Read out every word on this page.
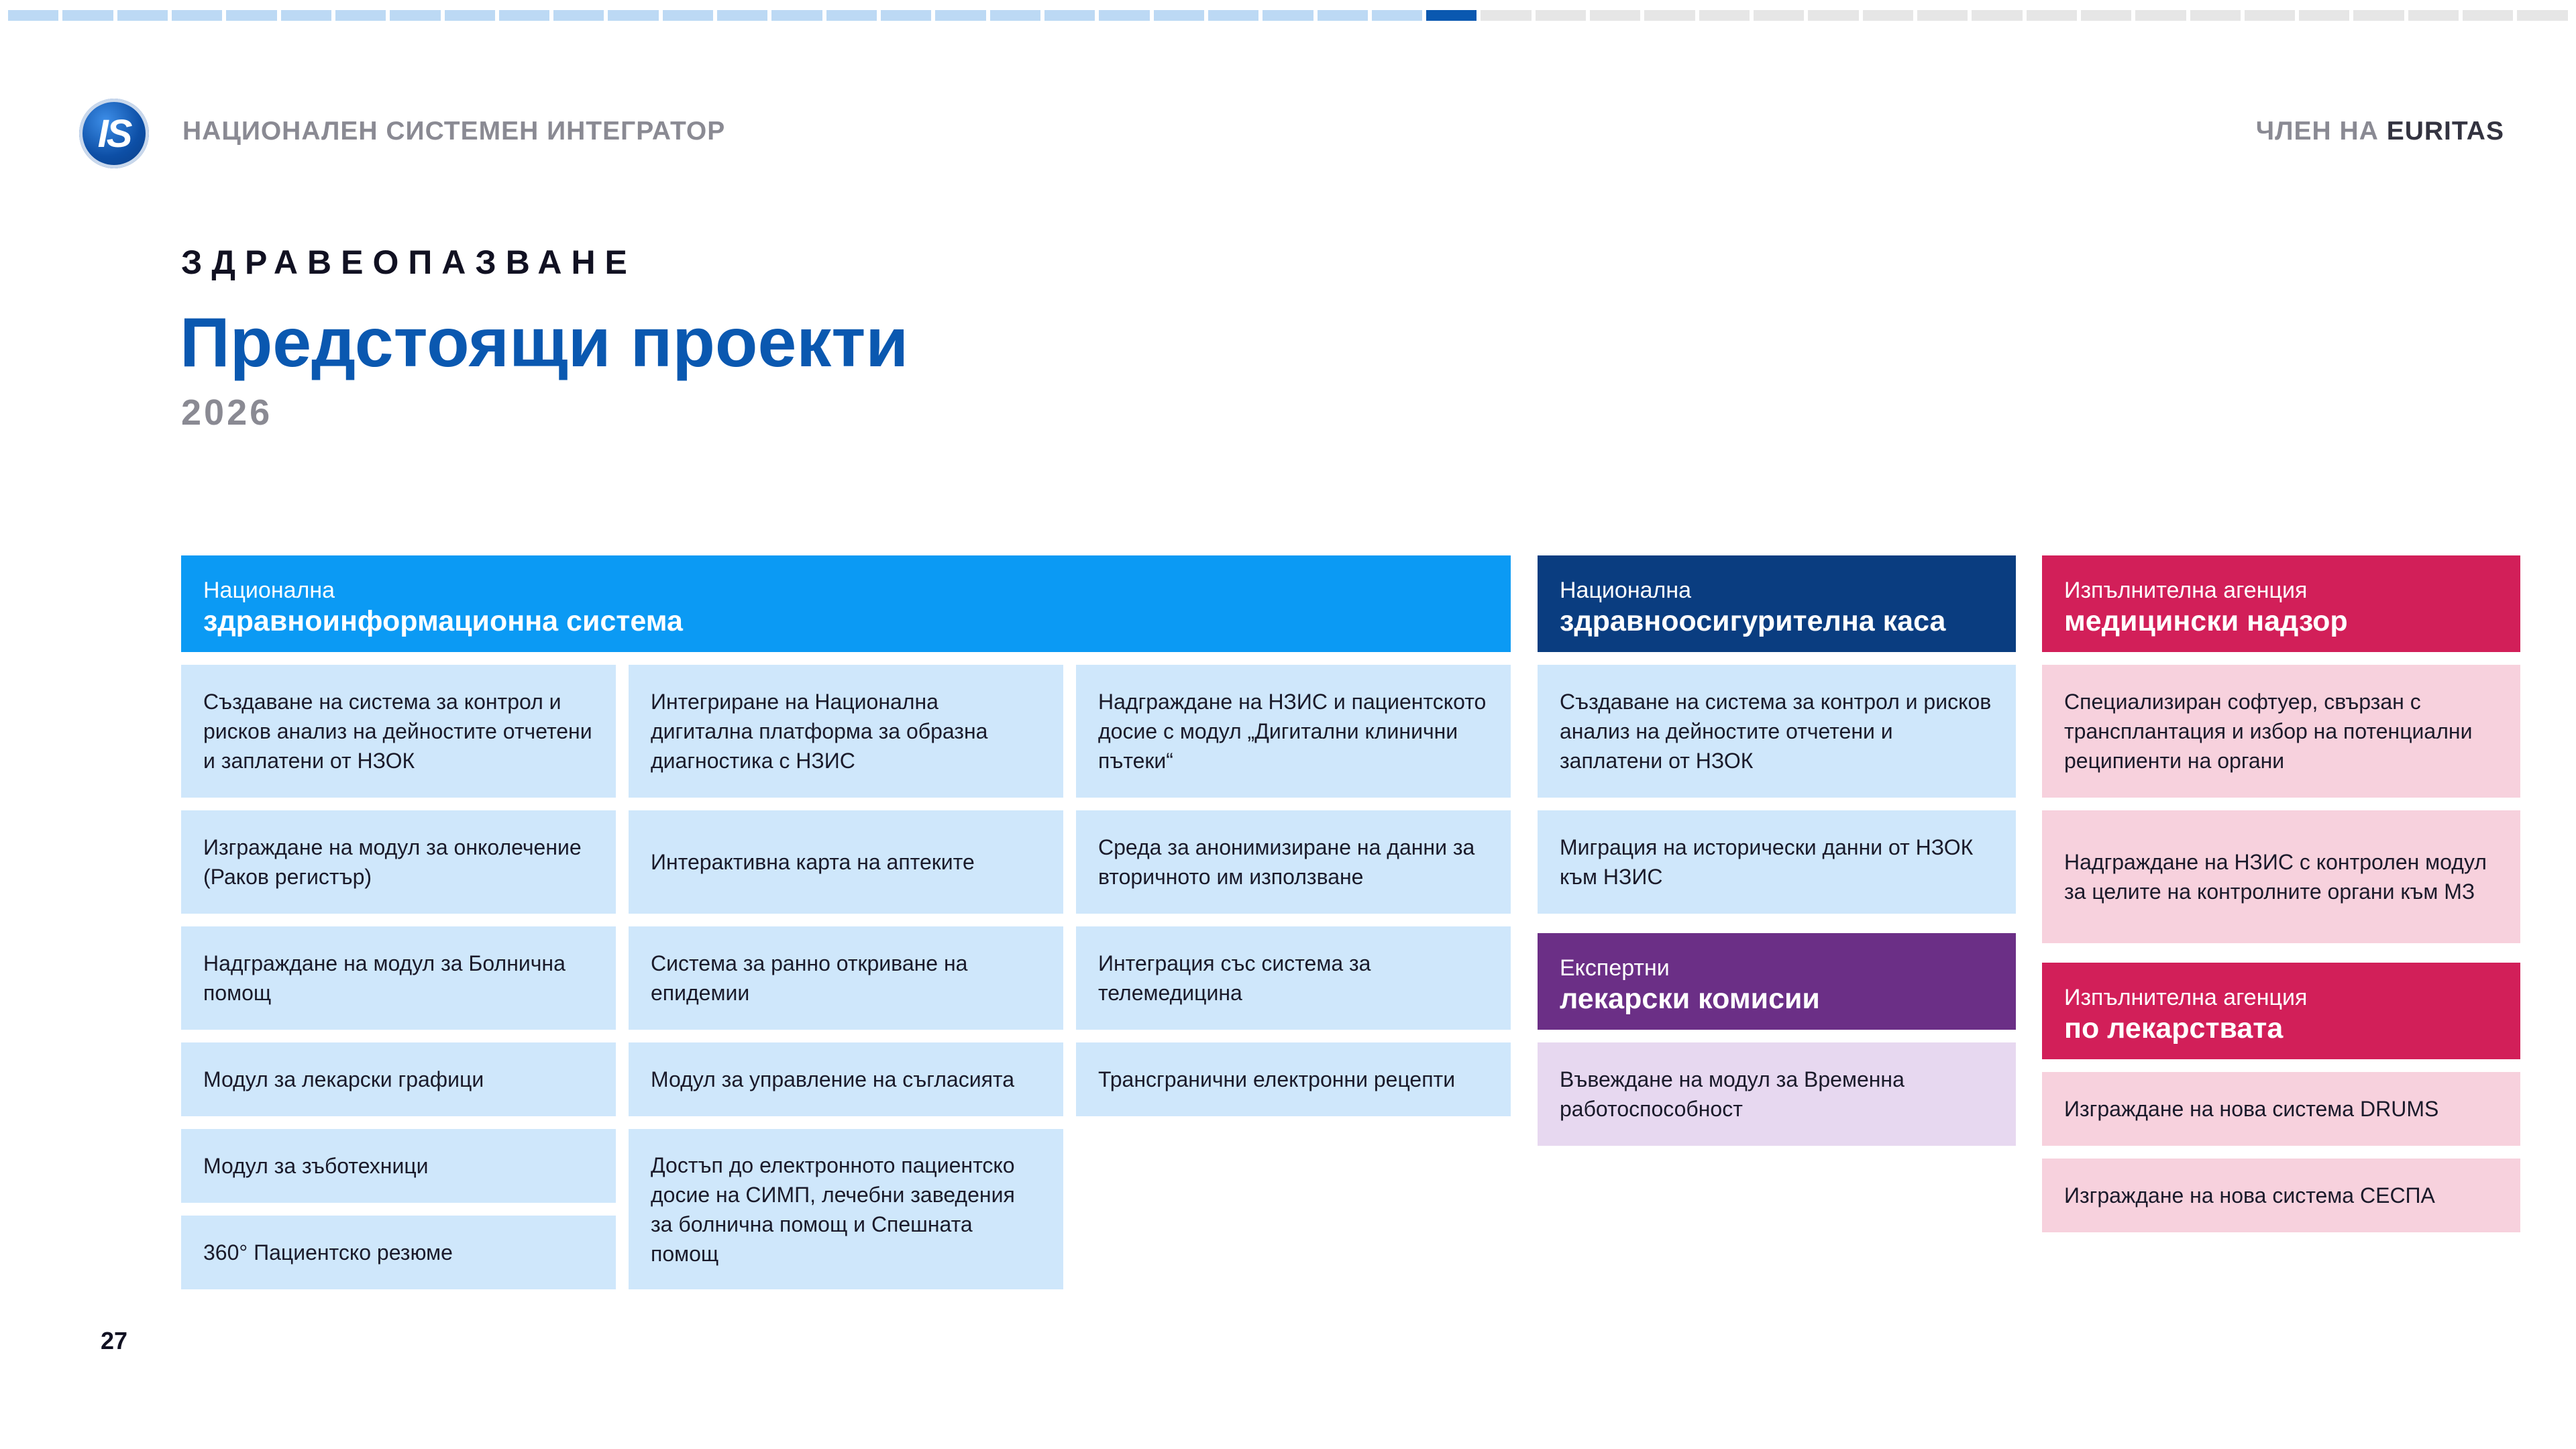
IS НАЦИОНАЛЕН СИСТЕМЕН ИНТЕГРАТОР	ЧЛЕН НА EURITAS
ЗДРАВЕОПАЗВАНЕ
Предстоящи проекти
2026
Национална
здравноинформационна система
Създаване на система за контрол и рисков анализ на дейностите отчетени и заплатени от НЗОК
Изграждане на модул за онколечение (Раков регистър)
Надграждане на модул за Болнична помощ
Модул за лекарски графици
Модул за зъботехници
360° Пациентско резюме
Интегриране на Национална дигитална платформа за образна диагностика с НЗИС
Интерактивна карта на аптеките
Система за ранно откриване на епидемии
Модул за управление на съгласията
Достъп до електронното пациентско досие на СИМП, лечебни заведения за болнична помощ и Спешната помощ
Надграждане на НЗИС и пациентското досие с модул „Дигитални клинични пътеки“
Среда за анонимизиране на данни за вторичното им използване
Интеграция със система за телемедицина
Трансгранични електронни рецепти
Национална
здравноосигурителна каса
Създаване на система за контрол и рисков анализ на дейностите отчетени и заплатени от НЗОК
Миграция на исторически данни от НЗОК към НЗИС
Експертни
лекарски комисии
Въвеждане на модул за Временна работоспособност
Изпълнителна агенция
медицински надзор
Специализиран софтуер, свързан с трансплантация и избор на потенциални реципиенти на органи
Надграждане на НЗИС с контролен модул за целите на контролните органи към МЗ
Изпълнителна агенция
по лекарствата
Изграждане на нова система DRUMS
Изграждане на нова система СЕСПА
27
